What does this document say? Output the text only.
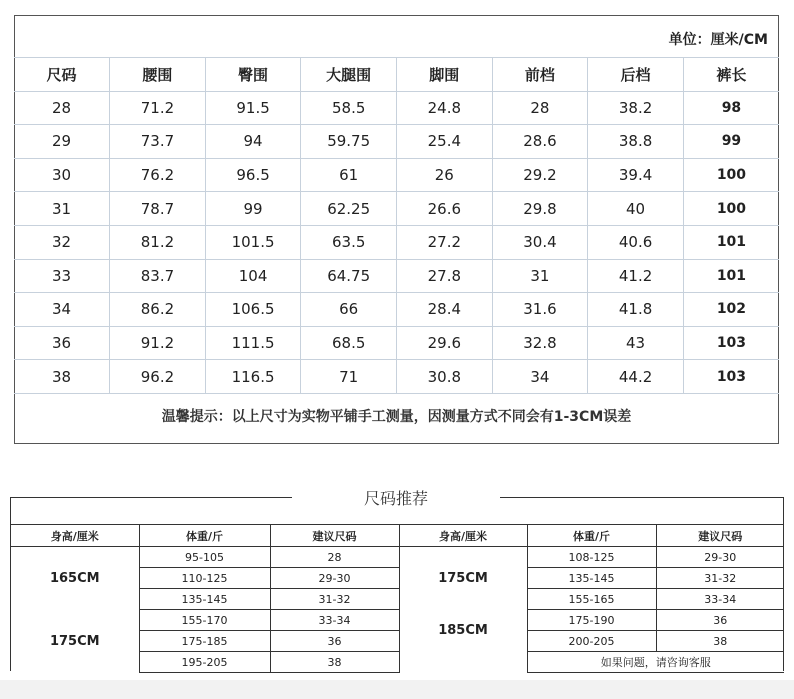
单位：厘米/CM
尺码	腰围	臀围	大腿围	脚围	前档	后档	裤长
28	71.2	91.5	58.5	24.8	28	38.2	98
29	73.7	94	59.75	25.4	28.6	38.8	99
30	76.2	96.5	61	26	29.2	39.4	100
31	78.7	99	62.25	26.6	29.8	40	100
32	81.2	101.5	63.5	27.2	30.4	40.6	101
33	83.7	104	64.75	27.8	31	41.2	101
34	86.2	106.5	66	28.4	31.6	41.8	102
36	91.2	111.5	68.5	29.6	32.8	43	103
38	96.2	116.5	71	30.8	34	44.2	103
温馨提示：以上尺寸为实物平铺手工测量，因测量方式不同会有1-3CM误差
尺码推荐
身高/厘米	体重/斤	建议尺码	身高/厘米	体重/斤	建议尺码
165CM	95-105	28	175CM	108-125	29-30
	110-125	29-30		135-145	31-32
	135-145	31-32		155-165	33-34
175CM	155-170	33-34	185CM	175-190	36
	175-185	36		200-205	38
	195-205	38		如果问题，请咨询客服	
